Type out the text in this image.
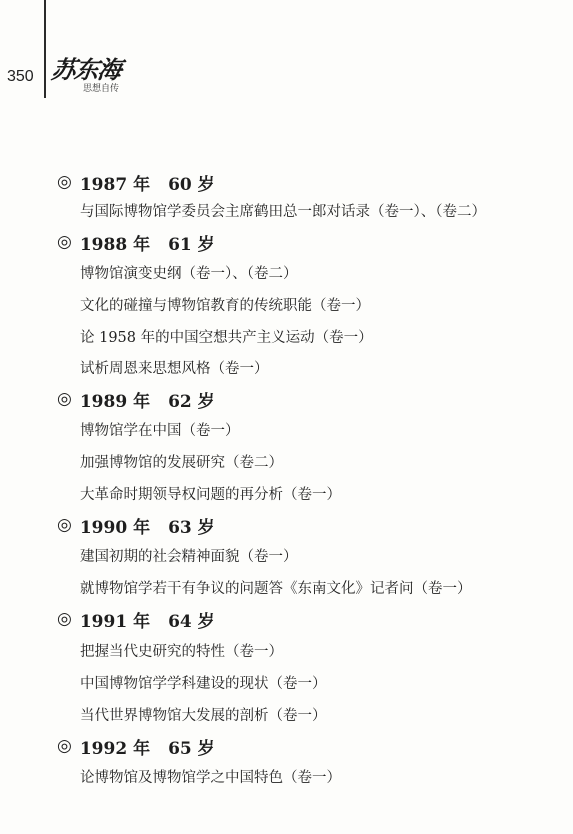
350 苏东海
思想自传
◎ 1987 年 60 岁
与国际博物馆学委员会主席鹤田总一郎对话录（卷一）、（卷二）
◎ 1988 年 61 岁
博物馆演变史纲（卷一）、（卷二）
文化的碰撞与博物馆教育的传统职能（卷一）
论 1958 年的中国空想共产主义运动（卷一）
试析周恩来思想风格（卷一）
◎ 1989 年 62 岁
博物馆学在中国（卷一）
加强博物馆的发展研究（卷二）
大革命时期领导权问题的再分析（卷一）
◎ 1990 年 63 岁
建国初期的社会精神面貌（卷一）
就博物馆学若干有争议的问题答《东南文化》记者问（卷一）
◎ 1991 年 64 岁
把握当代史研究的特性（卷一）
中国博物馆学学科建设的现状（卷一）
当代世界博物馆大发展的剖析（卷一）
◎ 1992 年 65 岁
论博物馆及博物馆学之中国特色（卷一）
